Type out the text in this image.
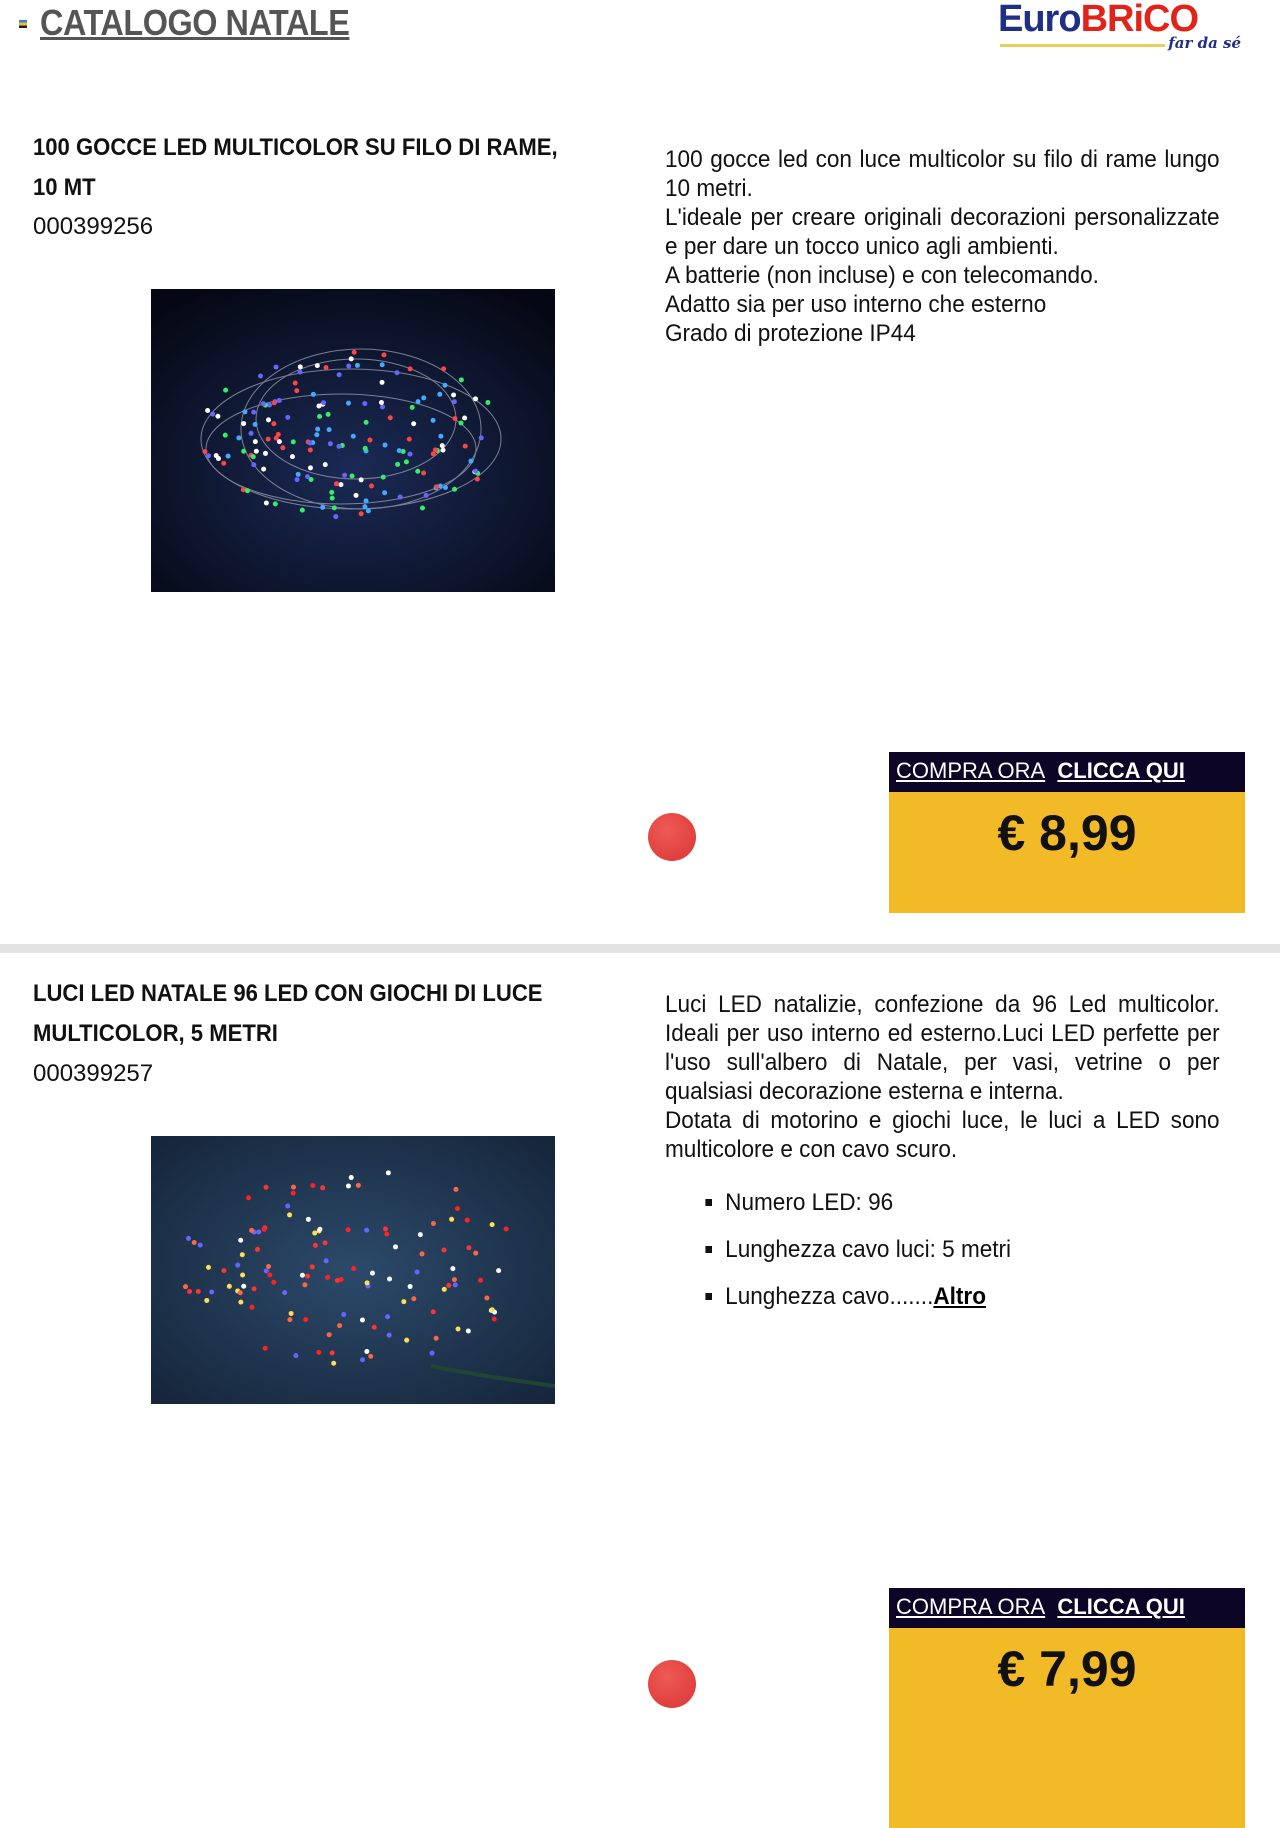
CATALOGO NATALE	EuroBRiCO
far da sé
100 GOCCE LED MULTICOLOR SU FILO DI RAME, 10 MT
000399256

100 gocce led con luce multicolor su filo di rame lungo 10 metri.

L'ideale per creare originali decorazioni personalizzate e per dare un tocco unico agli ambienti.

A batterie (non incluse) e con telecomando.

Adatto sia per uso interno che esterno

Grado di protezione IP44

COMPRA ORA CLICCA QUI
€ 8,99
LUCI LED NATALE 96 LED CON GIOCHI DI LUCE MULTICOLOR, 5 METRI
000399257

Luci LED natalizie, confezione da 96 Led multicolor. Ideali per uso interno ed esterno.Luci LED perfette per l'uso sull'albero di Natale, per vasi, vetrine o per qualsiasi decorazione esterna e interna.

Dotata di motorino e giochi luce, le luci a LED sono multicolore e con cavo scuro.

▪ Numero LED: 96
▪ Lunghezza cavo luci: 5 metri
▪ Lunghezza cavo.......Altro
COMPRA ORA CLICCA QUI
€ 7,99
